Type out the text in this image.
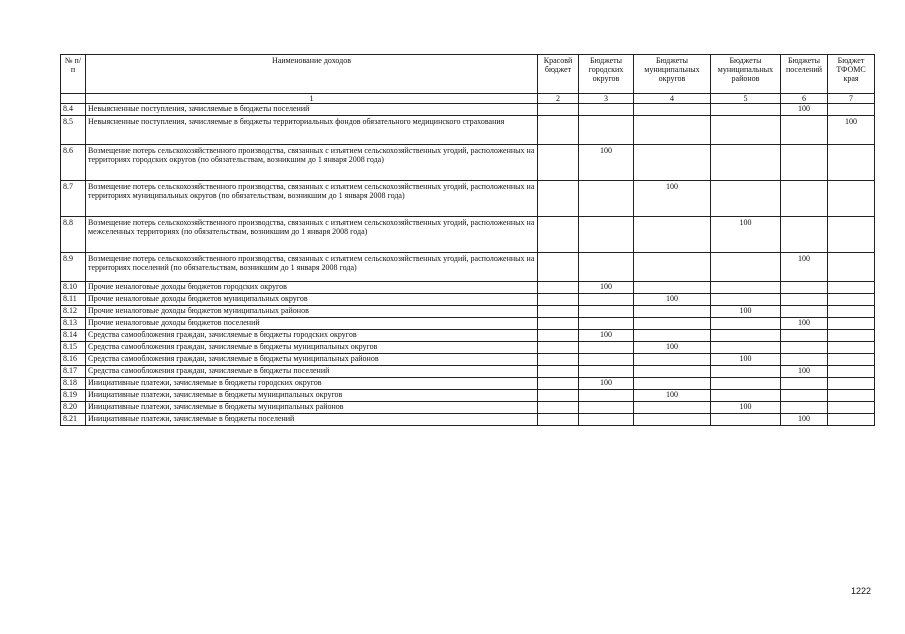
№ п/п	Наименование доходов	Красовй бюджет	Бюджеты городских округов	Бюджеты муниципальных округов	Бюджеты муниципальных районов	Бюджеты поселений	Бюджет ТФОМС края
	1	2	3	4	5	6	7
8.4	Невыясненные поступления, зачисляемые в бюджеты поселений					100	
8.5	Невыясненные поступления, зачисляемые в бюджеты территориальных фондов обязательного медицинского страхования						100
8.6	Возмещение потерь сельскохозяйственного производства, связанных с изъятием сельскохозяйственных угодий, расположенных на территориях городских округов (по обязательствам, возникшим до 1 января 2008 года)		100				
8.7	Возмещение потерь сельскохозяйственного производства, связанных с изъятием сельскохозяйственных угодий, расположенных на территориях муниципальных округов (по обязательствам, возникшим до 1 января 2008 года)			100			
8.8	Возмещение потерь сельскохозяйственного производства, связанных с изъятием сельскохозяйственных угодий, расположенных на межселенных территориях (по обязательствам, возникшим до 1 января 2008 года)				100		
8.9	Возмещение потерь сельскохозяйственного производства, связанных с изъятием сельскохозяйственных угодий, расположенных на территориях поселений (по обязательствам, возникшим до 1 января 2008 года)					100	
8.10	Прочие неналоговые доходы бюджетов городских округов		100				
8.11	Прочие неналоговые доходы бюджетов муниципальных округов			100			
8.12	Прочие неналоговые доходы бюджетов муниципальных районов				100		
8.13	Прочие неналоговые доходы бюджетов поселений					100	
8.14	Средства самообложения граждан, зачисляемые в бюджеты городских округов		100				
8.15	Средства самообложения граждан, зачисляемые в бюджеты муниципальных округов			100			
8.16	Средства самообложения граждан, зачисляемые в бюджеты муниципальных районов				100		
8.17	Средства самообложения граждан, зачисляемые в бюджеты поселений					100	
8.18	Инициативные платежи, зачисляемые в бюджеты городских округов		100				
8.19	Инициативные платежи, зачисляемые в бюджеты муниципальных округов			100			
8.20	Инициативные платежи, зачисляемые в бюджеты муниципальных районов				100		
8.21	Инициативные платежи, зачисляемые в бюджеты поселений					100	
1222
